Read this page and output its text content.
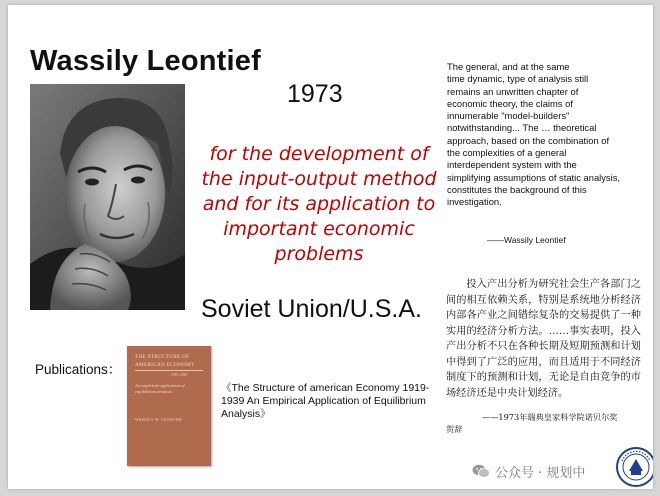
Wassily Leontief
1973
for the development of the input-output method and for its application to important economic problems
Soviet Union/U.S.A.
Publications：
THE STRUCTURE OF
AMERICAN ECONOMY
1919–1929
An empirical application of equilibrium analysis
WASSILY W. LEONTIEF
《The Structure of american Economy 1919-1939 An Empirical Application of Equilibrium Analysis》
The general, and at the same
time dynamic, type of analysis still
remains an unwritten chapter of
economic theory, the claims of
innumerable "model-builders"
notwithstanding... The … theoretical
approach, based on the combination of
the complexities of a general
interdependent system with the
simplifying assumptions of static analysis,
constitutes the background of this
investigation.
——Wassily Leontief
投入产出分析为研究社会生产各部门之间的相互依赖关系，特别是系统地分析经济内部各产业之间错综复杂的交易提供了一种实用的经济分析方法。……事实表明，投入产出分析不只在各种长期及短期预测和计划中得到了广泛的应用，而且适用于不同经济制度下的预测和计划，无论是自由竞争的市场经济还是中央计划经济。
——1973年瑞典皇家科学院诺贝尔奖
贺辞
公众号 · 规划中
